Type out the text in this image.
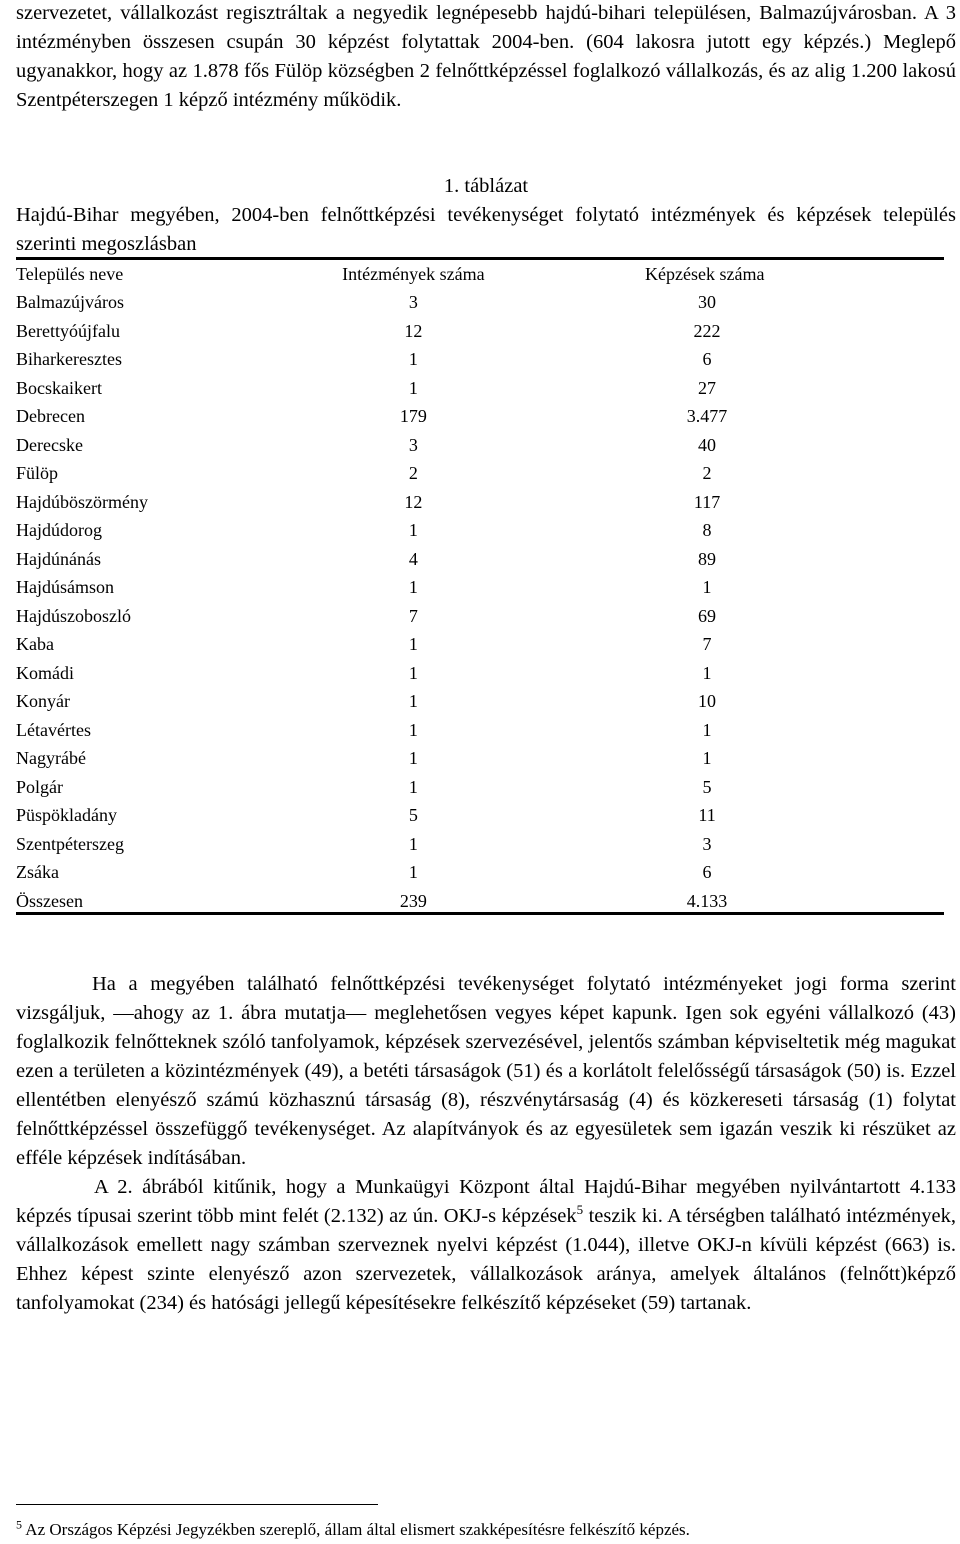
szervezetet, vállalkozást regisztráltak a negyedik legnépesebb hajdú-bihari településen, Balmazújvárosban. A 3 intézményben összesen csupán 30 képzést folytattak 2004-ben. (604 lakosra jutott egy képzés.) Meglepő ugyanakkor, hogy az 1.878 fős Fülöp községben 2 felnőttképzéssel foglalkozó vállalkozás, és az alig 1.200 lakosú Szentpéterszegen 1 képző intézmény működik.

1. táblázat

Hajdú-Bihar megyében, 2004-ben felnőttképzési tevékenységet folytató intézmények és képzések település szerinti megoszlásban

Település neve	Intézmények száma	Képzések száma
Balmazújváros	3	30
Berettyóújfalu	12	222
Biharkeresztes	1	6
Bocskaikert	1	27
Debrecen	179	3.477
Derecske	3	40
Fülöp	2	2
Hajdúböszörmény	12	117
Hajdúdorog	1	8
Hajdúnánás	4	89
Hajdúsámson	1	1
Hajdúszoboszló	7	69
Kaba	1	7
Komádi	1	1
Konyár	1	10
Létavértes	1	1
Nagyrábé	1	1
Polgár	1	5
Püspökladány	5	11
Szentpéterszeg	1	3
Zsáka	1	6
Összesen	239	4.133

Ha a megyében található felnőttképzési tevékenységet folytató intézményeket jogi forma szerint vizsgáljuk, ―ahogy az 1. ábra mutatja― meglehetősen vegyes képet kapunk. Igen sok egyéni vállalkozó (43) foglalkozik felnőtteknek szóló tanfolyamok, képzések szervezésével, jelentős számban képviseltetik még magukat ezen a területen a közintézmények (49), a betéti társaságok (51) és a korlátolt felelősségű társaságok (50) is. Ezzel ellentétben elenyésző számú közhasznú társaság (8), részvénytársaság (4) és közkereseti társaság (1) folytat felnőttképzéssel összefüggő tevékenységet. Az alapítványok és az egyesületek sem igazán veszik ki részüket az efféle képzések indításában.

A 2. ábrából kitűnik, hogy a Munkaügyi Központ által Hajdú-Bihar megyében nyilvántartott 4.133 képzés típusai szerint több mint felét (2.132) az ún. OKJ-s képzések$^5$ teszik ki. A térségben található intézmények, vállalkozások emellett nagy számban szerveznek nyelvi képzést (1.044), illetve OKJ-n kívüli képzést (663) is. Ehhez képest szinte elenyésző azon szervezetek, vállalkozások aránya, amelyek általános (felnőtt)képző tanfolyamokat (234) és hatósági jellegű képesítésekre felkészítő képzéseket (59) tartanak.

$^5$ Az Országos Képzési Jegyzékben szereplő, állam által elismert szakképesítésre felkészítő képzés.
